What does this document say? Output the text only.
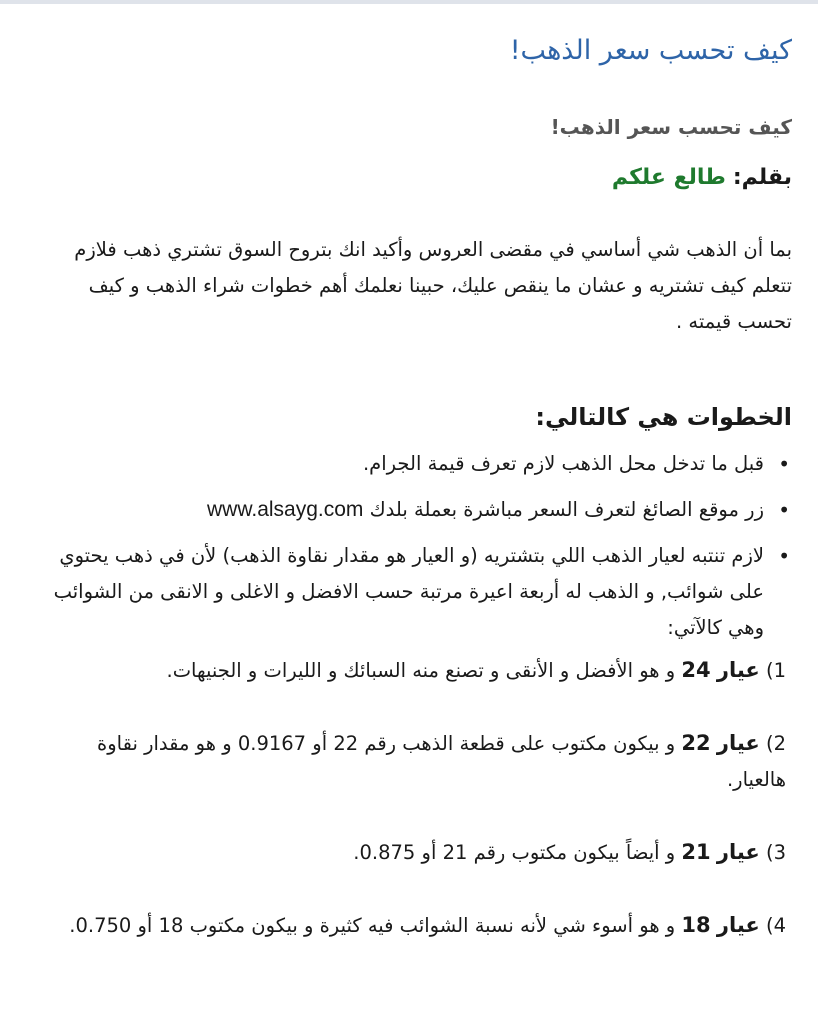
كيف تحسب سعر الذهب!
كيف تحسب سعر الذهب!
بقلم: طالع علكم

بما أن الذهب شي أساسي في مقضى العروس وأكيد انك بتروح السوق تشتري ذهب فلازم تتعلم كيف تشتريه و عشان ما ينقص عليك، حبينا نعلمك أهم خطوات شراء الذهب و كيف تحسب قيمته .

الخطوات هي كالتالي:
•
قبل ما تدخل محل الذهب لازم تعرف قيمة الجرام.
•
زر موقع الصائغ لتعرف السعر مباشرة بعملة بلدك www.alsayg.com
•
لازم تنتبه لعيار الذهب اللي بتشتريه (و العيار هو مقدار نقاوة الذهب) لأن في ذهب يحتوي على شوائب, و الذهب له أربعة اعيرة مرتبة حسب الافضل و الاغلى و الانقى من الشوائب وهي كالآتي:

1) عيار 24 و هو الأفضل و الأنقى و تصنع منه السبائك و الليرات و الجنيهات.

2) عيار 22 و بيكون مكتوب على قطعة الذهب رقم 22 أو 0.9167 و هو مقدار نقاوة هالعيار.

3) عيار 21 و أيضاً بيكون مكتوب رقم 21 أو 0.875.

4) عيار 18 و هو أسوء شي لأنه نسبة الشوائب فيه كثيرة و بيكون مكتوب 18 أو 0.750.
